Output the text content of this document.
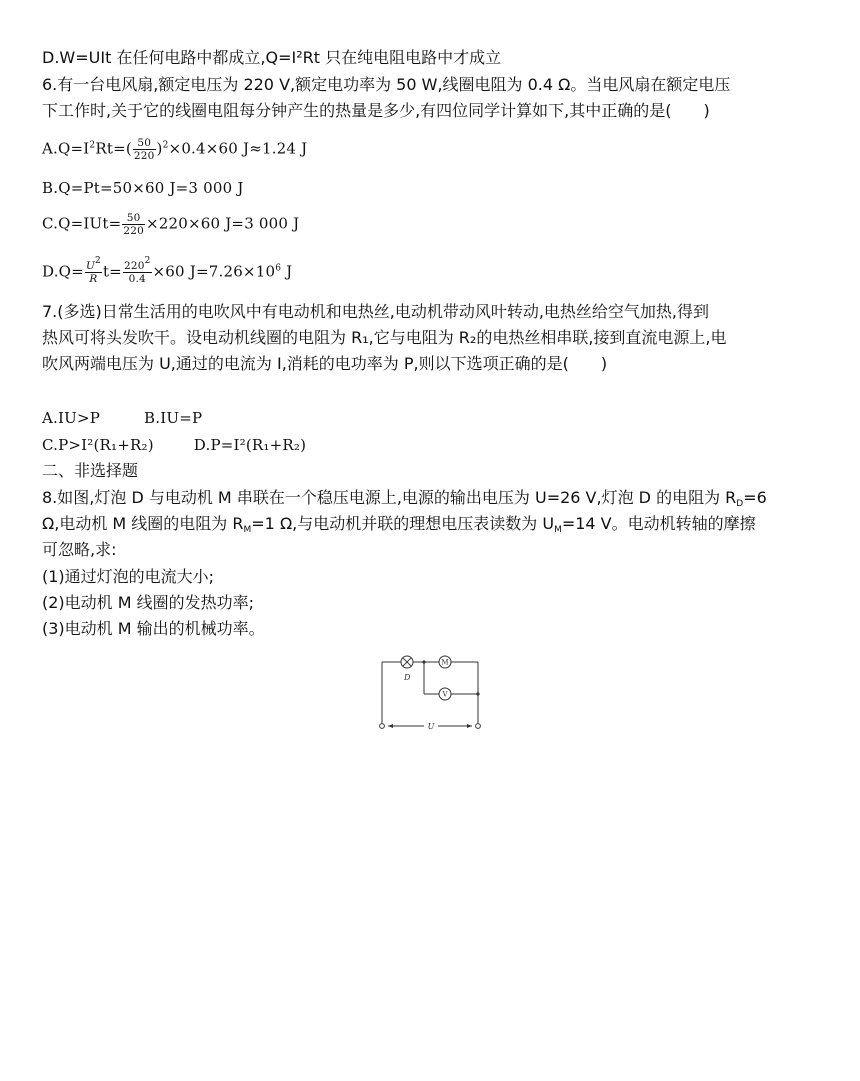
D.W=UIt 在任何电路中都成立,Q=I²Rt 只在纯电阻电路中才成立
6.有一台电风扇,额定电压为 220 V,额定电功率为 50 W,线圈电阻为 0.4 Ω。当电风扇在额定电压
下工作时,关于它的线圈电阻每分钟产生的热量是多少,有四位同学计算如下,其中正确的是(　　)
$A.Q=I^2Rt=( \frac{50}{220} )^2\times 0.4\times 60$ J≈1.24 J
B.Q=Pt=50×60 J=3 000 J
$C.Q=IUt= \frac{50}{220} \times 220\times 60$ J=3 000 J
$D.Q= \frac{U^2}{R} t= \frac{220^2}{0.4} \times 60$ $J=7.26\times 10^6$ J
7.(多选)日常生活用的电吹风中有电动机和电热丝,电动机带动风叶转动,电热丝给空气加热,得到
热风可将头发吹干。设电动机线圈的电阻为 R₁,它与电阻为 R₂的电热丝相串联,接到直流电源上,电
吹风两端电压为 U,通过的电流为 I,消耗的电功率为 P,则以下选项正确的是(　　)
A.IU>P	B.IU=P
C.P>I²(R₁+R₂)	D.P=I²(R₁+R₂)
二、非选择题
8.如图,灯泡 D 与电动机 M 串联在一个稳压电源上,电源的输出电压为 U=26 V,灯泡 D 的电阻为 $R_D=6$
Ω,电动机 M 线圈的电阻为 $R_M=1$ Ω,与电动机并联的理想电压表读数为 $U_M=14$ V。电动机转轴的摩擦
可忽略,求:
(1)通过灯泡的电流大小;
(2)电动机 M 线圈的发热功率;
(3)电动机 M 输出的机械功率。
D
M
V
U
